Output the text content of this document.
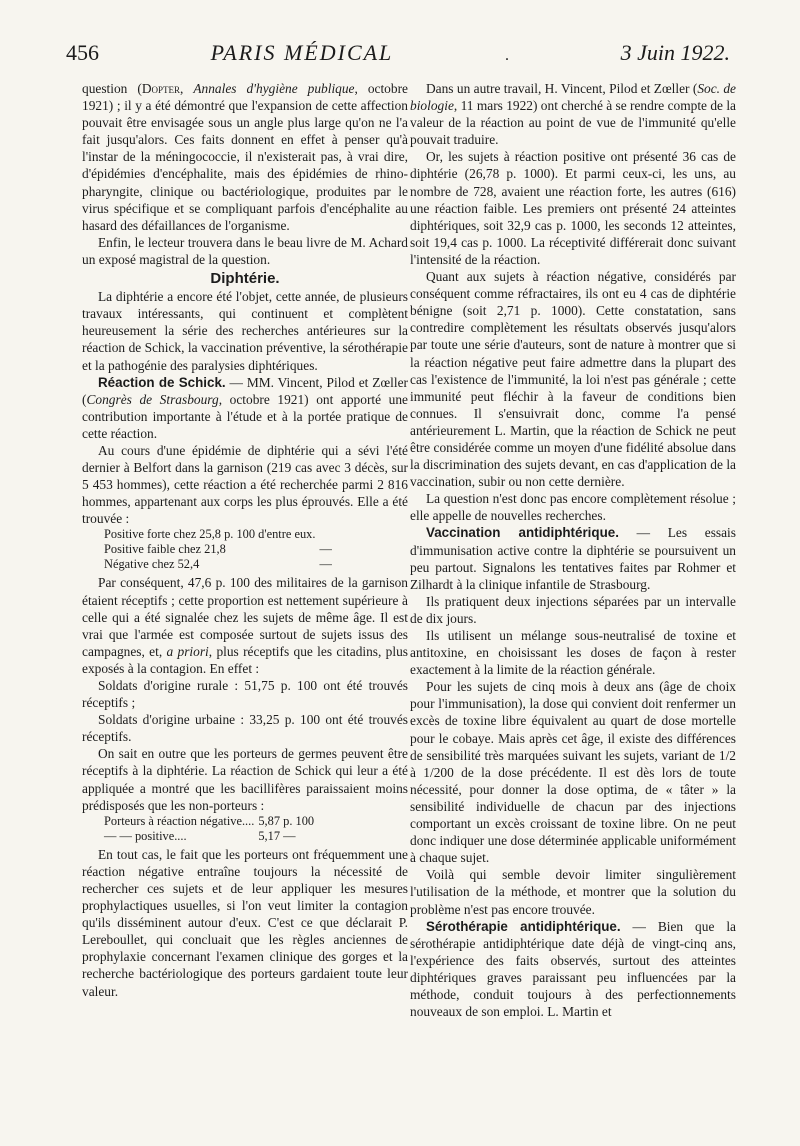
456	PARIS MÉDICAL	.	3 Juin 1922.

question (Dopter, Annales d'hygiène publique, octobre 1921) ; il y a été démontré que l'expansion de cette affection pouvait être envisagée sous un angle plus large qu'on ne l'a fait jusqu'alors. Ces faits donnent en effet à penser qu'à l'instar de la méningococcie, il n'existerait pas, à vrai dire, d'épidémies d'encéphalite, mais des épidémies de rhino-pharyngite, clinique ou bactériologique, produites par le virus spécifique et se compliquant parfois d'encéphalite au hasard des défaillances de l'organisme.

Enfin, le lecteur trouvera dans le beau livre de M. Achard un exposé magistral de la question.

Diphtérie.

La diphtérie a encore été l'objet, cette année, de plusieurs travaux intéressants, qui continuent et complètent heureusement la série des recherches antérieures sur la réaction de Schick, la vaccination préventive, la sérothérapie et la pathogénie des paralysies diphtériques.

Réaction de Schick. — MM. Vincent, Pilod et Zœller (Congrès de Strasbourg, octobre 1921) ont apporté une contribution importante à l'étude et à la portée pratique de cette réaction.

Au cours d'une épidémie de diphtérie qui a sévi l'été dernier à Belfort dans la garnison (219 cas avec 3 décès, sur 5 453 hommes), cette réaction a été recherchée parmi 2 816 hommes, appartenant aux corps les plus éprouvés. Elle a été trouvée :

Positive forte chez 25,8 p. 100 d'entre eux.	
Positive faible chez 21,8	—
Négative chez 52,4	—

Par conséquent, 47,6 p. 100 des militaires de la garnison étaient réceptifs ; cette proportion est nettement supérieure à celle qui a été signalée chez les sujets de même âge. Il est vrai que l'armée est composée surtout de sujets issus des campagnes, et, a priori, plus réceptifs que les citadins, plus exposés à la contagion. En effet :

Soldats d'origine rurale : 51,75 p. 100 ont été trouvés réceptifs ;

Soldats d'origine urbaine : 33,25 p. 100 ont été trouvés réceptifs.

On sait en outre que les porteurs de germes peuvent être réceptifs à la diphtérie. La réaction de Schick qui leur a été appliquée a montré que les bacillifères paraissaient moins prédisposés que les non-porteurs :

Porteurs à réaction négative....	5,87 p. 100
— — positive....	5,17 —

En tout cas, le fait que les porteurs ont fréquemment une réaction négative entraîne toujours la nécessité de rechercher ces sujets et de leur appliquer les mesures prophylactiques usuelles, si l'on veut limiter la contagion qu'ils disséminent autour d'eux. C'est ce que déclarait P. Lereboullet, qui concluait que les règles anciennes de prophylaxie concernant l'examen clinique des gorges et la recherche bactériologique des porteurs gardaient toute leur valeur.

Dans un autre travail, H. Vincent, Pilod et Zœller (Soc. de biologie, 11 mars 1922) ont cherché à se rendre compte de la valeur de la réaction au point de vue de l'immunité qu'elle pouvait traduire.

Or, les sujets à réaction positive ont présenté 36 cas de diphtérie (26,78 p. 1000). Et parmi ceux-ci, les uns, au nombre de 728, avaient une réaction forte, les autres (616) une réaction faible. Les premiers ont présenté 24 atteintes diphtériques, soit 32,9 cas p. 1000, les seconds 12 atteintes, soit 19,4 cas p. 1000. La réceptivité différerait donc suivant l'intensité de la réaction.

Quant aux sujets à réaction négative, considérés par conséquent comme réfractaires, ils ont eu 4 cas de diphtérie bénigne (soit 2,71 p. 1000). Cette constatation, sans contredire complètement les résultats observés jusqu'alors par toute une série d'auteurs, sont de nature à montrer que si la réaction négative peut faire admettre dans la plupart des cas l'existence de l'immunité, la loi n'est pas générale ; cette immunité peut fléchir à la faveur de conditions bien connues. Il s'ensuivrait donc, comme l'a pensé antérieurement L. Martin, que la réaction de Schick ne peut être considérée comme un moyen d'une fidélité absolue dans la discrimination des sujets devant, en cas d'application de la vaccination, subir ou non cette dernière.

La question n'est donc pas encore complètement résolue ; elle appelle de nouvelles recherches.

Vaccination antidiphtérique. — Les essais d'immunisation active contre la diphtérie se poursuivent un peu partout. Signalons les tentatives faites par Rohmer et Zilhardt à la clinique infantile de Strasbourg.

Ils pratiquent deux injections séparées par un intervalle de dix jours.

Ils utilisent un mélange sous-neutralisé de toxine et antitoxine, en choisissant les doses de façon à rester exactement à la limite de la réaction générale.

Pour les sujets de cinq mois à deux ans (âge de choix pour l'immunisation), la dose qui convient doit renfermer un excès de toxine libre équivalent au quart de dose mortelle pour le cobaye. Mais après cet âge, il existe des différences de sensibilité très marquées suivant les sujets, variant de 1/2 à 1/200 de la dose précédente. Il est dès lors de toute nécessité, pour donner la dose optima, de « tâter » la sensibilité individuelle de chacun par des injections comportant un excès croissant de toxine libre. On ne peut donc indiquer une dose déterminée applicable uniformément à chaque sujet.

Voilà qui semble devoir limiter singulièrement l'utilisation de la méthode, et montrer que la solution du problème n'est pas encore trouvée.

Sérothérapie antidiphtérique. — Bien que la sérothérapie antidiphtérique date déjà de vingt-cinq ans, l'expérience des faits observés, surtout des atteintes diphtériques graves paraissant peu influencées par la méthode, conduit toujours à des perfectionnements nouveaux de son emploi. L. Martin et
